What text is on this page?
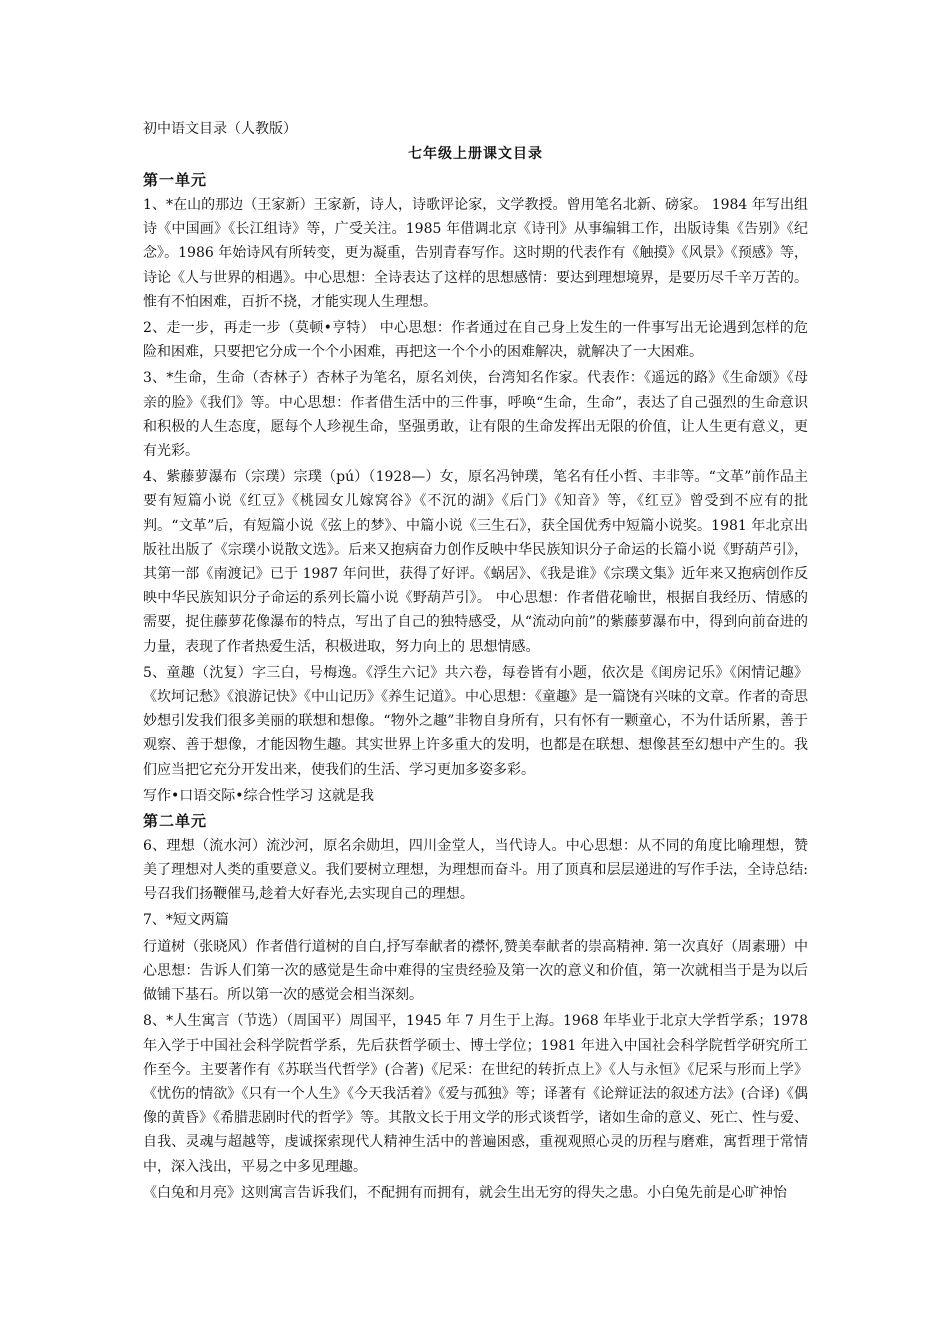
初中语文目录（人教版）
七年级上册课文目录
第一单元
1、*在山的那边（王家新）王家新，诗人，诗歌评论家，文学教授。曾用笔名北新、磅家。 1984 年写出组诗《中国画》《长江组诗》等，广受关注。1985 年借调北京《诗刊》从事编辑工作，出版诗集《告别》《纪念》。1986 年始诗风有所转变，更为凝重，告别青春写作。这时期的代表作有《触摸》《风景》《预感》等，诗论《人与世界的相遇》。中心思想：全诗表达了这样的思想感情：要达到理想境界，是要历尽千辛万苦的。惟有不怕困难，百折不挠，才能实现人生理想。
2、走一步，再走一步（莫顿•亨特） 中心思想：作者通过在自己身上发生的一件事写出无论遇到怎样的危险和困难，只要把它分成一个个小困难，再把这一个个小的困难解决，就解决了一大困难。
3、*生命，生命（杏林子）杏林子为笔名，原名刘侠，台湾知名作家。代表作：《遥远的路》《生命颂》《母亲的脸》《我们》等。中心思想：作者借生活中的三件事，呼唤“生命，生命”，表达了自己强烈的生命意识和积极的人生态度，愿每个人珍视生命，坚强勇敢，让有限的生命发挥出无限的价值，让人生更有意义，更有光彩。
4、紫藤萝瀑布（宗璞）宗璞（pú）（1928—）女，原名冯钟璞，笔名有任小哲、丰非等。“文革”前作品主要有短篇小说《红豆》《桃园女儿嫁窝谷》《不沉的湖》《后门》《知音》等，《红豆》曾受到不应有的批判。“文革”后，有短篇小说《弦上的梦》、中篇小说《三生石》，获全国优秀中短篇小说奖。1981 年北京出版社出版了《宗璞小说散文选》。后来又抱病奋力创作反映中华民族知识分子命运的长篇小说《野葫芦引》，其第一部《南渡记》已于 1987 年问世，获得了好评。《蜗居》、《我是谁》《宗璞文集》近年来又抱病创作反映中华民族知识分子命运的系列长篇小说《野葫芦引》。 中心思想：作者借花喻世，根据自我经历、情感的需要，捉住藤萝花像瀑布的特点，写出了自己的独特感受，从“流动向前”的紫藤萝瀑布中，得到向前奋进的力量，表现了作者热爱生活，积极进取，努力向上的 思想情感。
5、童趣（沈复）字三白，号梅逸。《浮生六记》共六卷，每卷皆有小题，依次是《闺房记乐》《闲情记趣》《坎坷记愁》《浪游记快》《中山记历》《养生记道》。中心思想：《童趣》是一篇饶有兴味的文章。作者的奇思妙想引发我们很多美丽的联想和想像。“物外之趣”非物自身所有，只有怀有一颗童心，不为什话所累，善于观察、善于想像，才能因物生趣。其实世界上许多重大的发明，也都是在联想、想像甚至幻想中产生的。我们应当把它充分开发出来，使我们的生活、学习更加多姿多彩。
写作•口语交际•综合性学习 这就是我
第二单元
6、理想（流水河）流沙河，原名余勋坦，四川金堂人，当代诗人。中心思想：从不同的角度比喻理想，赞美了理想对人类的重要意义。我们要树立理想，为理想而奋斗。用了顶真和层层递进的写作手法，全诗总结:号召我们扬鞭催马,趁着大好春光,去实现自己的理想。
7、*短文两篇
行道树（张晓风）作者借行道树的自白,抒写奉献者的襟怀,赞美奉献者的崇高精神. 第一次真好（周素珊）中心思想：告诉人们第一次的感觉是生命中难得的宝贵经验及第一次的意义和价值，第一次就相当于是为以后做铺下基石。所以第一次的感觉会相当深刻。
8、*人生寓言（节选）（周国平）周国平，1945 年 7 月生于上海。1968 年毕业于北京大学哲学系；1978 年入学于中国社会科学院哲学系，先后获哲学硕士、博士学位；1981 年进入中国社会科学院哲学研究所工作至今。主要著作有《苏联当代哲学》(合著)《尼采：在世纪的转折点上》《人与永恒》《尼采与形而上学》《忧伤的情欲》《只有一个人生》《今天我活着》《爱与孤独》等；译著有《论辩证法的叙述方法》(合译)《偶像的黄昏》《希腊悲剧时代的哲学》等。其散文长于用文学的形式谈哲学，诸如生命的意义、死亡、性与爱、自我、灵魂与超越等，虔诚探索现代人精神生活中的普遍困惑，重视观照心灵的历程与磨难，寓哲理于常情中，深入浅出，平易之中多见理趣。
《白兔和月亮》这则寓言告诉我们，不配拥有而拥有，就会生出无穷的得失之患。小白兔先前是心旷神怡
